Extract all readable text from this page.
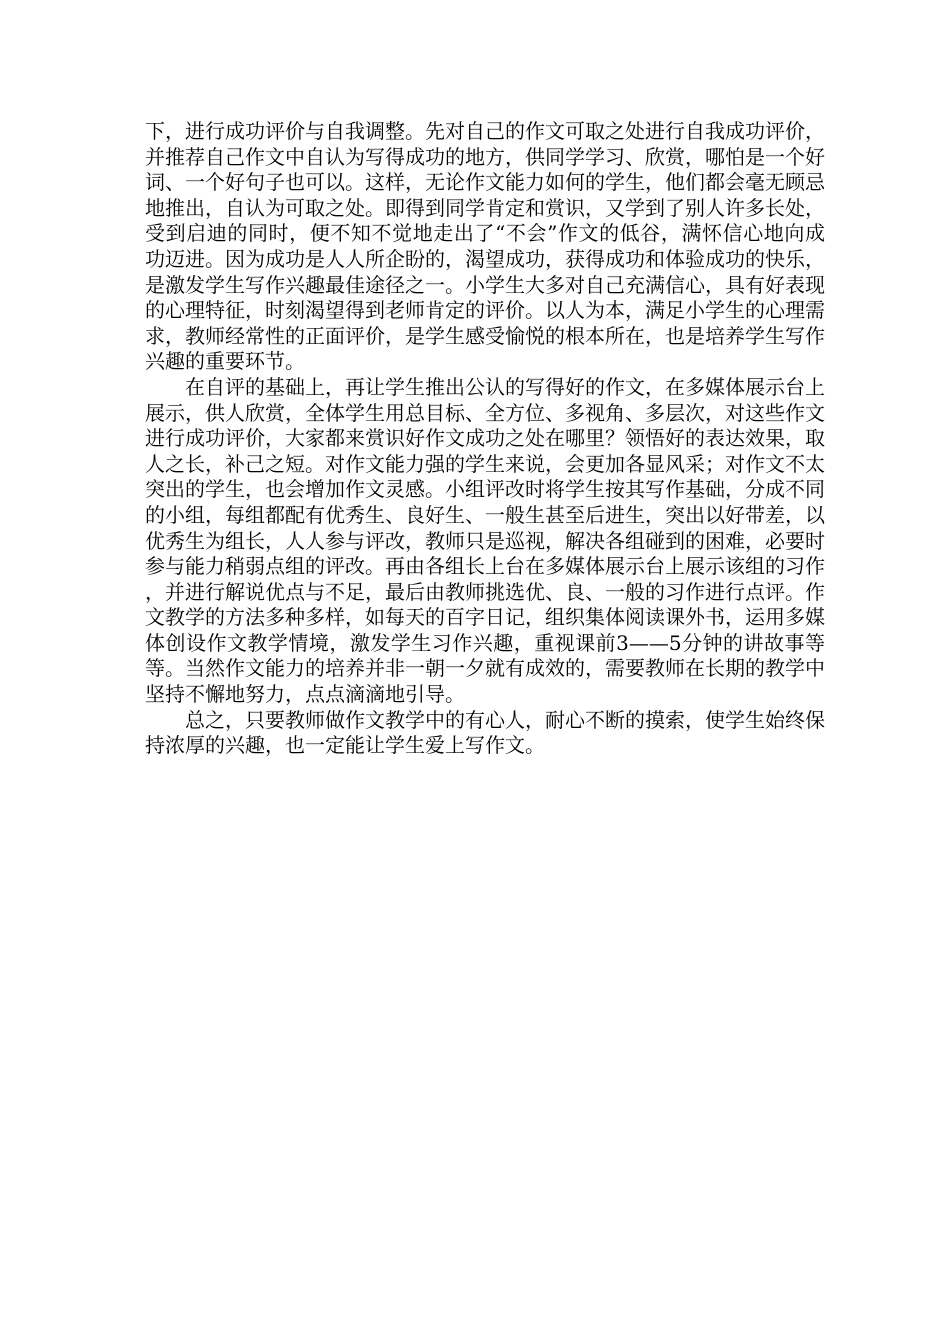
下，进行成功评价与自我调整。先对自己的作文可取之处进行自我成功评价，并推荐自己作文中自认为写得成功的地方，供同学学习、欣赏，哪怕是一个好词、一个好句子也可以。这样，无论作文能力如何的学生，他们都会毫无顾忌地推出，自认为可取之处。即得到同学肯定和赏识，又学到了别人许多长处，受到启迪的同时，便不知不觉地走出了“不会”作文的低谷，满怀信心地向成功迈进。因为成功是人人所企盼的，渴望成功，获得成功和体验成功的快乐，是激发学生写作兴趣最佳途径之一。小学生大多对自己充满信心，具有好表现的心理特征，时刻渴望得到老师肯定的评价。以人为本，满足小学生的心理需求，教师经常性的正面评价，是学生感受愉悦的根本所在，也是培养学生写作兴趣的重要环节。

在自评的基础上，再让学生推出公认的写得好的作文，在多媒体展示台上展示，供人欣赏，全体学生用总目标、全方位、多视角、多层次，对这些作文进行成功评价，大家都来赏识好作文成功之处在哪里？领悟好的表达效果，取人之长，补己之短。对作文能力强的学生来说，会更加各显风采；对作文不太突出的学生，也会增加作文灵感。小组评改时将学生按其写作基础，分成不同的小组，每组都配有优秀生、良好生、一般生甚至后进生，突出以好带差，以优秀生为组长，人人参与评改，教师只是巡视，解决各组碰到的困难，必要时参与能力稍弱点组的评改。再由各组长上台在多媒体展示台上展示该组的习作，并进行解说优点与不足，最后由教师挑选优、良、一般的习作进行点评。作文教学的方法多种多样，如每天的百字日记，组织集体阅读课外书，运用多媒体创设作文教学情境，激发学生习作兴趣，重视课前3——5分钟的讲故事等等。当然作文能力的培养并非一朝一夕就有成效的，需要教师在长期的教学中坚持不懈地努力，点点滴滴地引导。

总之，只要教师做作文教学中的有心人，耐心不断的摸索，使学生始终保持浓厚的兴趣，也一定能让学生爱上写作文。
